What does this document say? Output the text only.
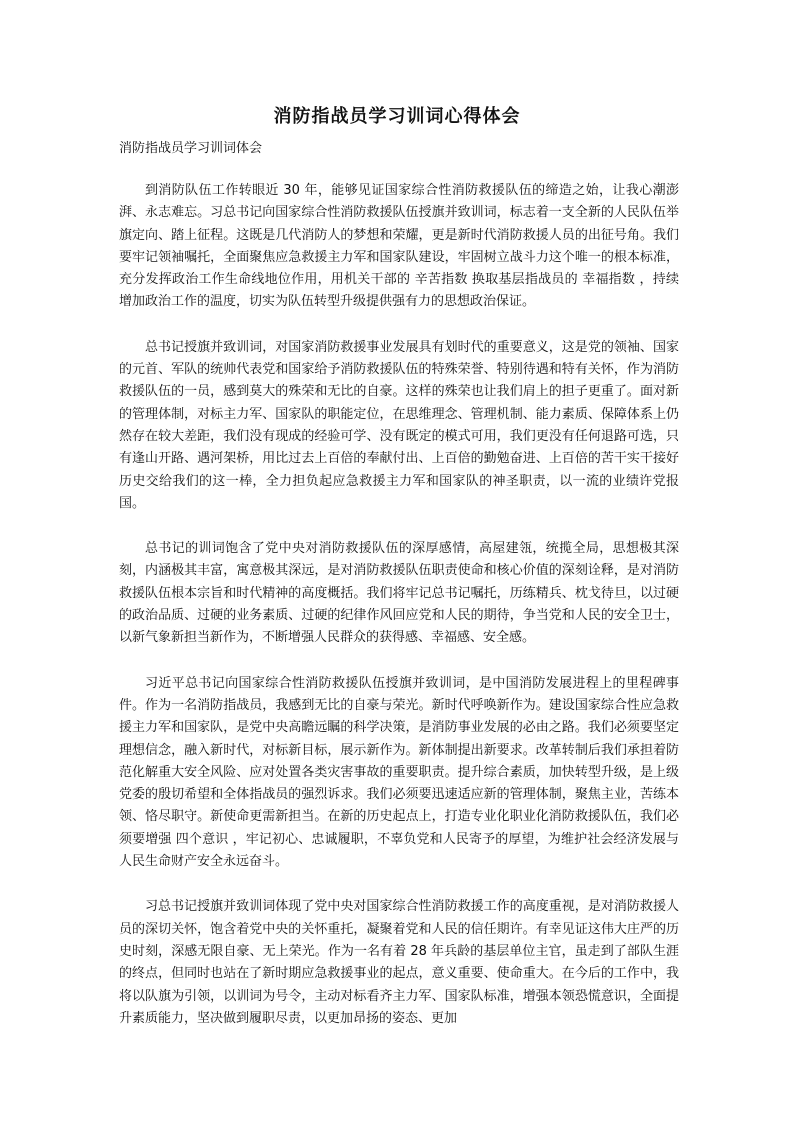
消防指战员学习训词心得体会
消防指战员学习训词体会

到消防队伍工作转眼近 30 年，能够见证国家综合性消防救援队伍的缔造之始，让我心潮澎湃、永志难忘。习总书记向国家综合性消防救援队伍授旗并致训词，标志着一支全新的人民队伍举旗定向、踏上征程。这既是几代消防人的梦想和荣耀，更是新时代消防救援人员的出征号角。我们要牢记领袖嘱托，全面聚焦应急救援主力军和国家队建设，牢固树立战斗力这个唯一的根本标准，充分发挥政治工作生命线地位作用，用机关干部的 辛苦指数 换取基层指战员的 幸福指数 ，持续增加政治工作的温度，切实为队伍转型升级提供强有力的思想政治保证。

总书记授旗并致训词，对国家消防救援事业发展具有划时代的重要意义，这是党的领袖、国家的元首、军队的统帅代表党和国家给予消防救援队伍的特殊荣誉、特别待遇和特有关怀，作为消防救援队伍的一员，感到莫大的殊荣和无比的自豪。这样的殊荣也让我们肩上的担子更重了。面对新的管理体制，对标主力军、国家队的职能定位，在思维理念、管理机制、能力素质、保障体系上仍然存在较大差距，我们没有现成的经验可学、没有既定的模式可用，我们更没有任何退路可选，只有逢山开路、遇河架桥，用比过去上百倍的奉献付出、上百倍的勤勉奋进、上百倍的苦干实干接好历史交给我们的这一棒，全力担负起应急救援主力军和国家队的神圣职责，以一流的业绩许党报国。

总书记的训词饱含了党中央对消防救援队伍的深厚感情，高屋建瓴，统揽全局，思想极其深刻，内涵极其丰富，寓意极其深远，是对消防救援队伍职责使命和核心价值的深刻诠释，是对消防救援队伍根本宗旨和时代精神的高度概括。我们将牢记总书记嘱托，历练精兵、枕戈待旦，以过硬的政治品质、过硬的业务素质、过硬的纪律作风回应党和人民的期待，争当党和人民的安全卫士，以新气象新担当新作为，不断增强人民群众的获得感、幸福感、安全感。

习近平总书记向国家综合性消防救援队伍授旗并致训词，是中国消防发展进程上的里程碑事件。作为一名消防指战员，我感到无比的自豪与荣光。新时代呼唤新作为。建设国家综合性应急救援主力军和国家队，是党中央高瞻远瞩的科学决策，是消防事业发展的必由之路。我们必须要坚定理想信念，融入新时代，对标新目标，展示新作为。新体制提出新要求。改革转制后我们承担着防范化解重大安全风险、应对处置各类灾害事故的重要职责。提升综合素质，加快转型升级，是上级党委的殷切希望和全体指战员的强烈诉求。我们必须要迅速适应新的管理体制，聚焦主业，苦练本领、恪尽职守。新使命更需新担当。在新的历史起点上，打造专业化职业化消防救援队伍，我们必须要增强 四个意识 ，牢记初心、忠诚履职，不辜负党和人民寄予的厚望，为维护社会经济发展与人民生命财产安全永远奋斗。

习总书记授旗并致训词体现了党中央对国家综合性消防救援工作的高度重视，是对消防救援人员的深切关怀，饱含着党中央的关怀重托，凝聚着党和人民的信任期许。有幸见证这伟大庄严的历史时刻，深感无限自豪、无上荣光。作为一名有着 28 年兵龄的基层单位主官，虽走到了部队生涯的终点，但同时也站在了新时期应急救援事业的起点，意义重要、使命重大。在今后的工作中，我将以队旗为引领，以训词为号令，主动对标看齐主力军、国家队标准，增强本领恐慌意识，全面提升素质能力，坚决做到履职尽责，以更加昂扬的姿态、更加
